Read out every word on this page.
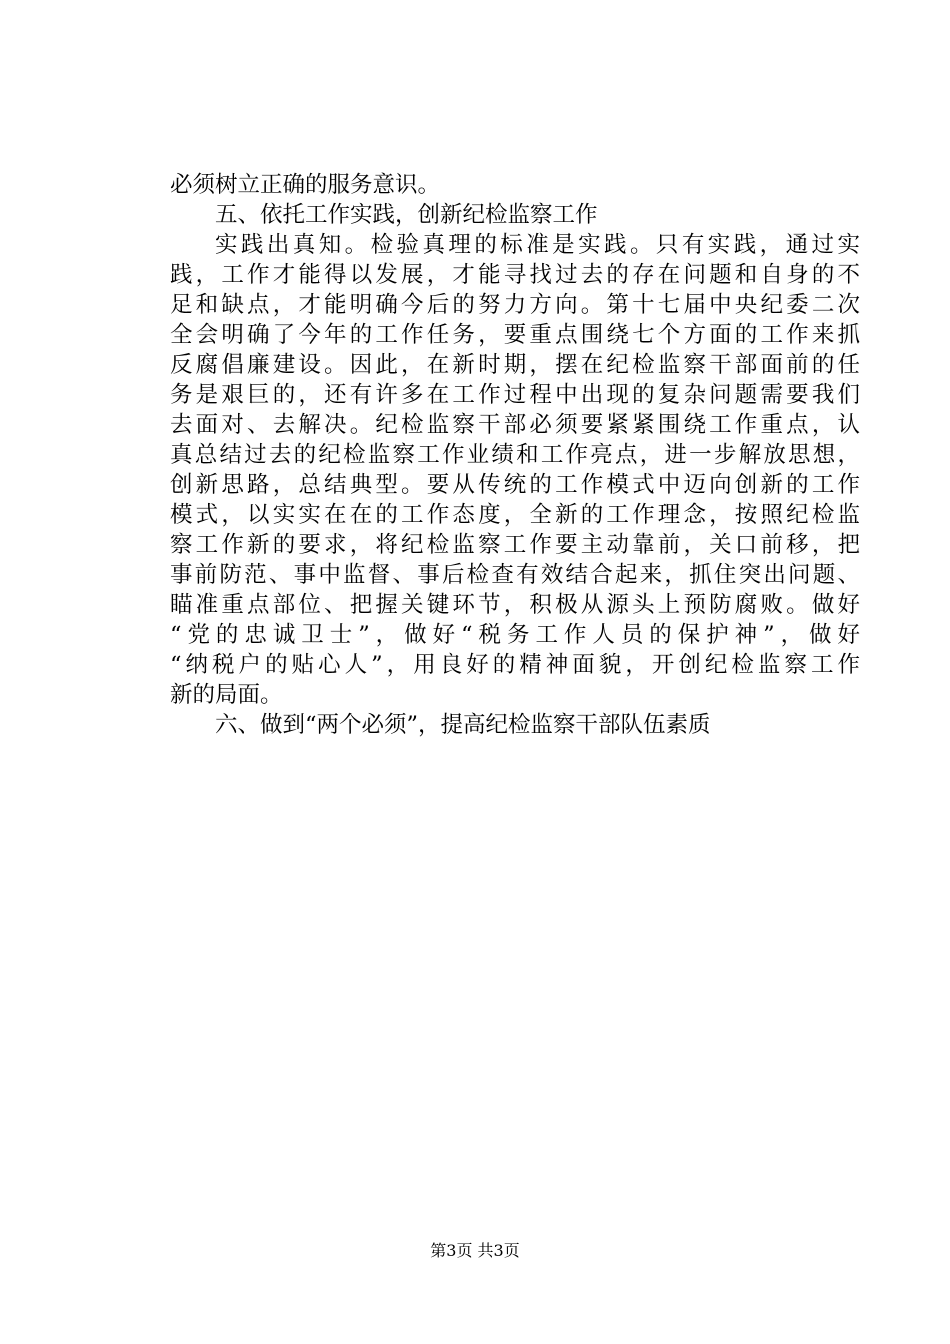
必须树立正确的服务意识。
五、依托工作实践，创新纪检监察工作
实践出真知。检验真理的标准是实践。只有实践，通过实
践，工作才能得以发展，才能寻找过去的存在问题和自身的不
足和缺点，才能明确今后的努力方向。第十七届中央纪委二次
全会明确了今年的工作任务，要重点围绕七个方面的工作来抓
反腐倡廉建设。因此，在新时期，摆在纪检监察干部面前的任
务是艰巨的，还有许多在工作过程中出现的复杂问题需要我们
去面对、去解决。纪检监察干部必须要紧紧围绕工作重点，认
真总结过去的纪检监察工作业绩和工作亮点，进一步解放思想，
创新思路，总结典型。要从传统的工作模式中迈向创新的工作
模式，以实实在在的工作态度，全新的工作理念，按照纪检监
察工作新的要求，将纪检监察工作要主动靠前，关口前移，把
事前防范、事中监督、事后检查有效结合起来，抓住突出问题、
瞄准重点部位、把握关键环节，积极从源头上预防腐败。做好
“党的忠诚卫士”，做好“税务工作人员的保护神”，做好
“纳税户的贴心人”，用良好的精神面貌，开创纪检监察工作
新的局面。
六、做到“两个必须”，提高纪检监察干部队伍素质
第3页 共3页
